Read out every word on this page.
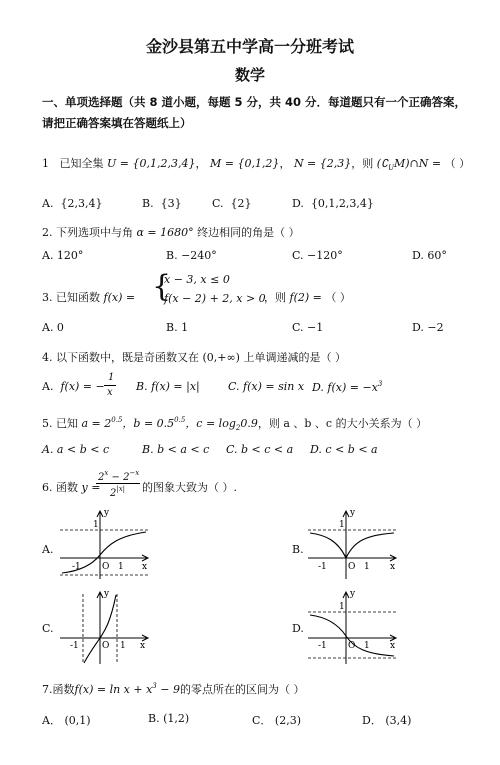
金沙县第五中学高一分班考试
数学
一、单项选择题（共 8 道小题，每题 5 分，共 40 分．每道题只有一个正确答案，
请把正确答案填在答题纸上）
1 已知全集 U = {0,1,2,3,4}， M = {0,1,2}， N = {2,3}，则 $(∁_UM)\cap N$ = （ ）
A. {2,3,4}	B. {3}	C. {2}	D. {0,1,2,3,4}
2. 下列选项中与角 α = 1680° 终边相同的角是（ ）
A. 120°	B. −240°	C. −120°	D. 60°
3. 已知函数 f(x) = {
x − 3, x ≤ 0
f(x − 2) + 2, x > 0
，则 f(2) = （ ）
A. 0	B. 1	C. −1	D. −2
4. 以下函数中，既是奇函数又在 (0,+∞) 上单调递减的是（ ）
A. f(x) = −
1
x B. f(x) = |x|	C. f(x) = sin x D. $f(x) = -x^3$
5. 已知 $a = 2^{0.5}$，$b = 0.5^{0.5}$，$c = \log_20.9$，则 a 、b 、c 的大小关系为（ ）
A. a < b < c	B. b < a < c C. b < c < a D. c < b < a
6. 函数 y =
$2^x - 2^{-x}$
$2^{|x|}$ 的图象大致为（ ）.
A.
y
1
-1 O 1 x
B.
y
1
-1 O 1 x
C.
y
-1	O 1 x
D.
y
1
-1 O 1 x
7.函数$f(x) = \ln x + x^3 - 9$的零点所在的区间为（ ）
A． (0,1)	B. (1,2)	C． (2,3)	D． (3,4)
